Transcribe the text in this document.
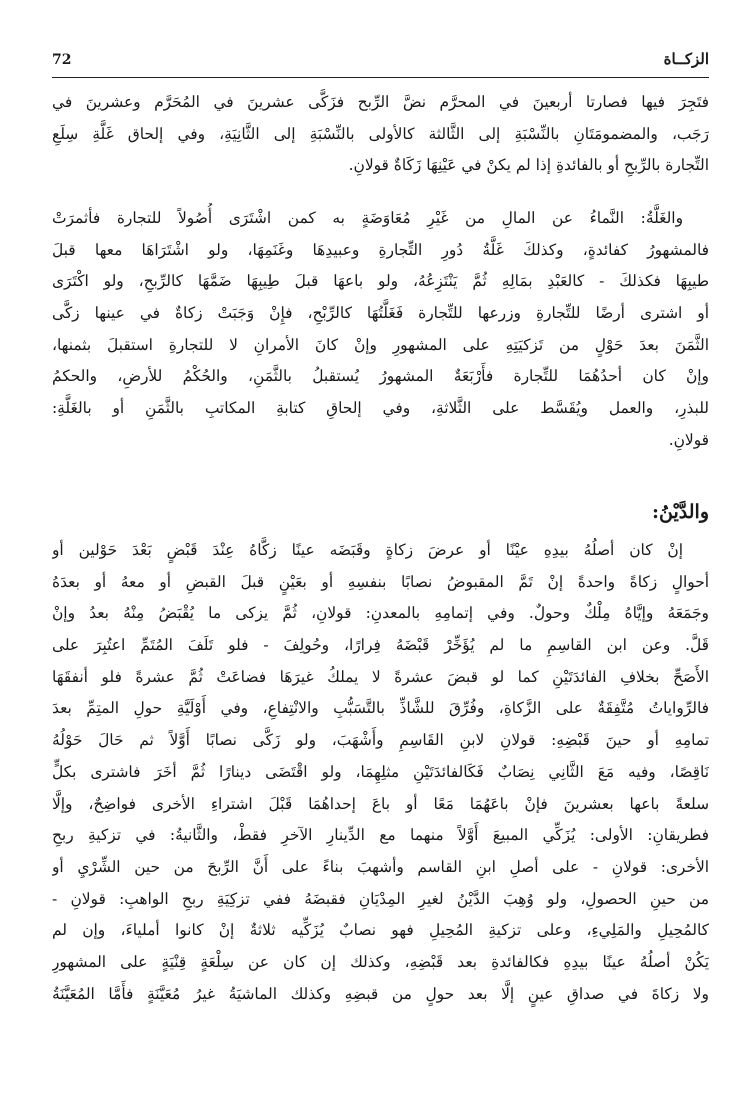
72	الزكــاة
فتَجِرَ فيها فصارتا أربعينَ في المحرَّم نضَّ الرِّبح فزَكَّى عشرينَ في المُحَرَّم وعشرينَ في
رَجَب، والمضمومَتَانِ بالنِّسْبَةِ إلى الثَّالثة كالأولى بالنِّسْبَةِ إلى الثَّانِيَةِ، وفي إلحاق غَلَّةِ سِلَعِ
التِّجارة بالرِّبحِ أو بالفائدةِ إذا لم يكنْ في عَيْنِهَا زَكَاةٌ قولانِ.
والغَلَّةُ: النَّماءُ عن المالِ من غَيْرِ مُعَاوَضَةٍ به كمن اشْتَرَى أُصُولاً للتجارة فأثمرَتْ
فالمشهورُ كفائدةٍ، وكذلكَ غَلَّةُ دُورِ التِّجارةِ وعبيدِهَا وغَنَمِهَا، ولو اشْتَرَاهَا معها قبلَ
طيبِهَا فكذلكَ - كالعَبْدِ بمَالِهِ ثُمَّ يَنْتَزِعُهُ، ولو باعهَا قبلَ طِيبِهَا ضَمَّهَا كالرِّبحِ، ولو اكْتَرَى
أو اشترى أرضًا للتِّجارةِ وزرعها للتِّجارة فَغَلَّتُهَا كالرِّبْحِ، فإِنْ وَجَبَتْ زكاةٌ في عينها زكَّى
الثَّمَنَ بعدَ حَوْلٍ من تَزكيَتِهِ على المشهورِ وإنْ كانَ الأمرانِ لا للتجارةِ استقبلَ بثمنها،
وإنْ كان أحدُهُمَا للتِّجارة فأَرْبَعَةٌ المشهورُ يُستقبلُ بالثَّمَنِ، والحُكْمُ للأرضِ، والحكمُ
للبذرِ، والعمل ويُقَسَّط على الثَّلاثةِ، وفي إلحاقِ كتابةِ المكاتبِ بالثَّمَنِ أو بالغَلَّةِ:
قولانِ.
والدَّيْنُ:
إنْ كان أصلُهُ بيدِهِ عيْنًا أو عرضَ زكاةٍ وقَبَضَه عينًا زكَّاهُ عِنْدَ قَبْضٍ بَعْدَ حَوْلين أو
أحوالٍ زكاةً واحدةً إنْ تَمَّ المقبوضُ نصابًا بنفسِهِ أو بعَيْنٍ قبلَ القبضِ أو معهُ أو بعدَهُ
وجَمَعَهُ وإيَّاهُ مِلْكٌ وحولٌ. وفي إتمامِهِ بالمعدنِ: قولانِ، ثُمَّ يزكى ما يُقْبَضُ مِنْهُ بعدُ وإنْ
قَلَّ. وعن ابن القاسِمِ ما لم يُؤَخِّرْ قَبْضَهُ فِرارًا، وحُولِفَ - فلو تَلَفَ المُتَمِّ اعتُبِرَ على
الأَصَحِّ بخلافِ الفائدَتَيْنِ كما لو قبضَ عشرةً لا يملكُ غيرَهَا فضاعَتْ ثُمَّ عشرةً فلو أنفقَهَا
فالرِّواياتُ مُتَّفِقَةٌ على الزَّكاةِ، وفُرِّقَ للشَّاذِّ بالتَّسَبُّبِ والانْتِفاعِ، وفي أَوْلَيَّةِ حولِ المتِمِّ بعدَ
تمامِهِ أو حينَ قَبْضِهِ: قولانِ لابنِ القَاسِمِ وأَشْهَبَ، ولو زَكَّى نصابًا أَوَّلاً ثم حَالَ حَوْلُهُ
نَاقِصًا، وفيه مَعَ الثَّانِي نِصَابٌ فَكَالفائدَتَيْنِ مثلِهِمَا، ولو اقْتَضَى دينارًا ثُمَّ أخَرَ فاشترى بكلٍّ
سلعةً باعها بعشرينَ فإنْ باعَهُمَا مَعًا أو باعَ إحداهُمَا قَبْلَ اشتراءِ الأخرى فواضِحٌ، وإلَّا
فطريقانِ: الأولى: يُزَكِّي المبيعَ أَوَّلاً منهما مع الدِّينارِ الآخرِ فقطْ، والثَّانيةُ: في تزكيةِ ربحِ
الأخرى: قولانِ - على أصلِ ابنِ القاسم وأشهبَ بناءً على أَنَّ الرِّبحَ من حين الشِّرْيِ أو
من حينِ الحصولِ، ولو وُهِبَ الدَّيْنُ لغيرِ المِدْيَانِ فقبضَهُ ففي تزكِيَةِ ربحِ الواهبِ: قولانِ -
كالمُحِيلِ والمَلِيءِ، وعلى تزكيةِ المُحِيلِ فهو نصابٌ يُزَكِّيه ثلاثةٌ إنْ كانوا أملياءَ، وإن لم
يَكُنْ أصلُهُ عينًا بيدِهِ فكالفائدةِ بعد قَبْضِهِ، وكذلك إن كان عن سِلْعَةٍ قِنْيَةٍ على المشهورِ
ولا زكاةَ في صداقِ عينٍ إلَّا بعد حولٍ من قبضِهِ وكذلك الماشيَةُ غيرُ مُعَيَّنَةٍ فأَمَّا المُعَيَّنَةُ
